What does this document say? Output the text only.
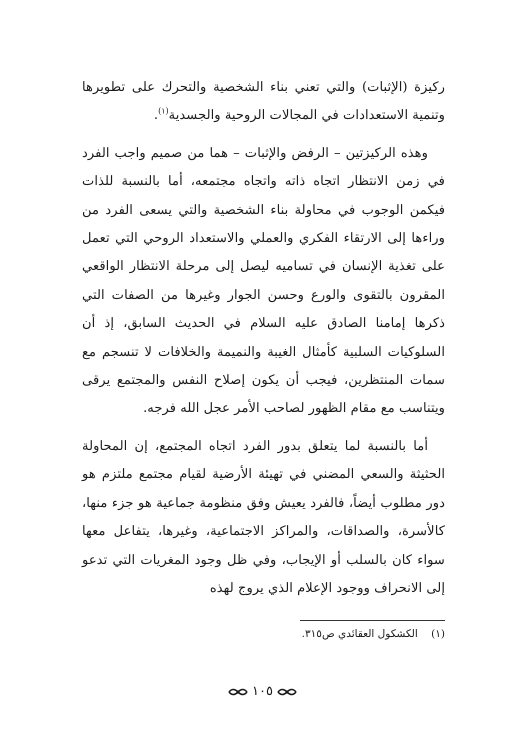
ركيزة (الإثبات) والتي تعني بناء الشخصية والتحرك على تطويرها وتنمية الاستعدادات في المجالات الروحية والجسدية$^{(١)}$.

وهذه الركيزتين – الرفض والإثبات – هما من صميم واجب الفرد في زمن الانتظار اتجاه ذاته واتجاه مجتمعه، أما بالنسبة للذات فيكمن الوجوب في محاولة بناء الشخصية والتي يسعى الفرد من وراءها إلى الارتقاء الفكري والعملي والاستعداد الروحي التي تعمل على تغذية الإنسان في تساميه ليصل إلى مرحلة الانتظار الواقعي المقرون بالتقوى والورع وحسن الجوار وغيرها من الصفات التي ذكرها إمامنا الصادق عليه السلام في الحديث السابق، إذ أن السلوكيات السلبية كأمثال الغيبة والنميمة والخلافات لا تنسجم مع سمات المنتظرين، فيجب أن يكون إصلاح النفس والمجتمع يرقى ويتناسب مع مقام الظهور لصاحب الأمر عجل الله فرجه.

أما بالنسبة لما يتعلق بدور الفرد اتجاه المجتمع، إن المحاولة الحثيثة والسعي المضني في تهيئة الأرضية لقيام مجتمع ملتزم هو دور مطلوب أيضاً، فالفرد يعيش وفق منظومة جماعية هو جزء منها، كالأسرة، والصداقات، والمراكز الاجتماعية، وغيرها، يتفاعل معها سواء كان بالسلب أو الإيجاب، وفي ظل وجود المغريات التي تدعو إلى الانحراف ووجود الإعلام الذي يروج لهذه

(١) الكشكول العقائدي ص٣١٥.
١٠٥
